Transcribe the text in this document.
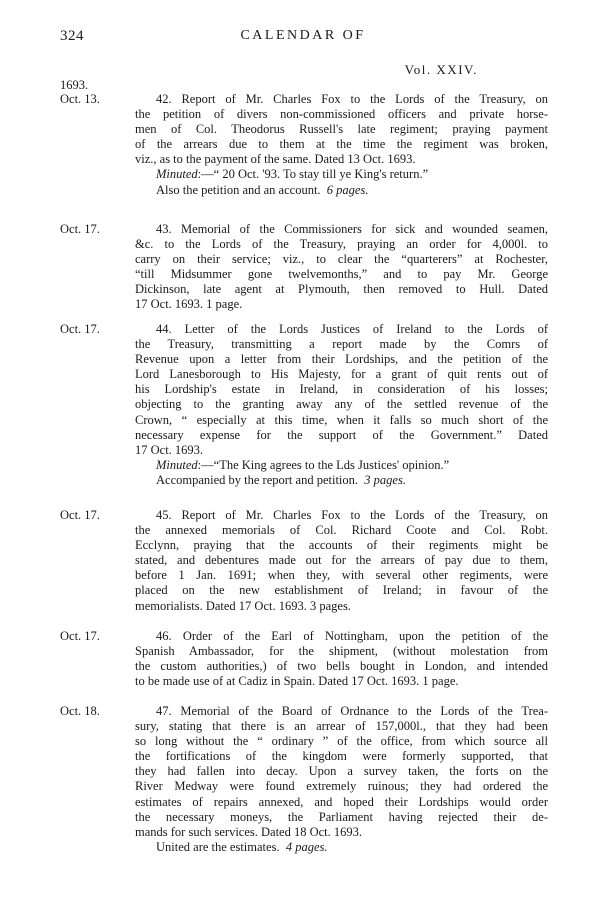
324	CALENDAR OF
Vol. XXIV.
1693.
Oct. 13.	42. Report of Mr. Charles Fox to the Lords of the Treasury, on
the petition of divers non-commissioned officers and private horse-
men of Col. Theodorus Russell's late regiment; praying payment
of the arrears due to them at the time the regiment was broken,
viz., as to the payment of the same. Dated 13 Oct. 1693.
Minuted:—“ 20 Oct. '93. To stay till ye King's return.”
Also the petition and an account. 6 pages.
Oct. 17.	43. Memorial of the Commissioners for sick and wounded seamen,
&c. to the Lords of the Treasury, praying an order for 4,000l. to
carry on their service; viz., to clear the “quarterers” at Rochester,
“till Midsummer gone twelvemonths,” and to pay Mr. George
Dickinson, late agent at Plymouth, then removed to Hull. Dated
17 Oct. 1693. 1 page.
Oct. 17.	44. Letter of the Lords Justices of Ireland to the Lords of
the Treasury, transmitting a report made by the Comrs of
Revenue upon a letter from their Lordships, and the petition of the
Lord Lanesborough to His Majesty, for a grant of quit rents out of
his Lordship's estate in Ireland, in consideration of his losses;
objecting to the granting away any of the settled revenue of the
Crown, “ especially at this time, when it falls so much short of the
necessary expense for the support of the Government.” Dated
17 Oct. 1693.
Minuted:—“The King agrees to the Lds Justices' opinion.”
Accompanied by the report and petition. 3 pages.
Oct. 17.	45. Report of Mr. Charles Fox to the Lords of the Treasury, on
the annexed memorials of Col. Richard Coote and Col. Robt.
Ecclynn, praying that the accounts of their regiments might be
stated, and debentures made out for the arrears of pay due to them,
before 1 Jan. 1691; when they, with several other regiments, were
placed on the new establishment of Ireland; in favour of the
memorialists. Dated 17 Oct. 1693. 3 pages.
Oct. 17.	46. Order of the Earl of Nottingham, upon the petition of the
Spanish Ambassador, for the shipment, (without molestation from
the custom authorities,) of two bells bought in London, and intended
to be made use of at Cadiz in Spain. Dated 17 Oct. 1693. 1 page.
Oct. 18.	47. Memorial of the Board of Ordnance to the Lords of the Trea-
sury, stating that there is an arrear of 157,000l., that they had been
so long without the “ ordinary ” of the office, from which source all
the fortifications of the kingdom were formerly supported, that
they had fallen into decay. Upon a survey taken, the forts on the
River Medway were found extremely ruinous; they had ordered the
estimates of repairs annexed, and hoped their Lordships would order
the necessary moneys, the Parliament having rejected their de-
mands for such services. Dated 18 Oct. 1693.
United are the estimates. 4 pages.
